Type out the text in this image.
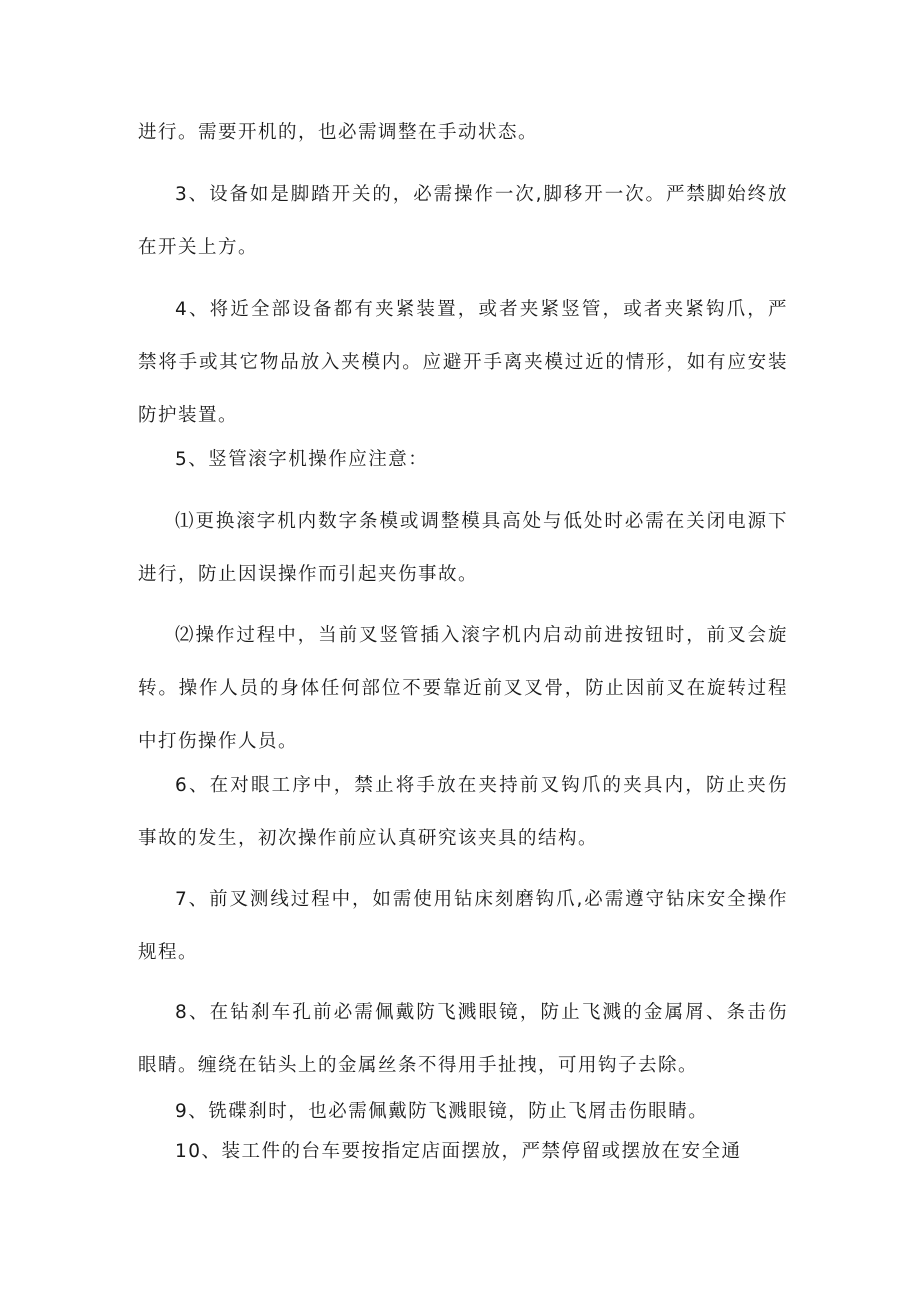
进行。需要开机的，也必需调整在手动状态。

3、设备如是脚踏开关的，必需操作一次,脚移开一次。严禁脚始终放在开关上方。

4、将近全部设备都有夹紧装置，或者夹紧竖管，或者夹紧钩爪，严禁将手或其它物品放入夹模内。应避开手离夹模过近的情形，如有应安装防护装置。

5、竖管滚字机操作应注意：

⑴更换滚字机内数字条模或调整模具高处与低处时必需在关闭电源下进行，防止因误操作而引起夹伤事故。

⑵操作过程中，当前叉竖管插入滚字机内启动前进按钮时，前叉会旋转。操作人员的身体任何部位不要靠近前叉叉骨，防止因前叉在旋转过程中打伤操作人员。

6、在对眼工序中，禁止将手放在夹持前叉钩爪的夹具内，防止夹伤事故的发生，初次操作前应认真研究该夹具的结构。

7、前叉测线过程中，如需使用钻床刻磨钩爪,必需遵守钻床安全操作规程。

8、在钻刹车孔前必需佩戴防飞溅眼镜，防止飞溅的金属屑、条击伤眼睛。缠绕在钻头上的金属丝条不得用手扯拽，可用钩子去除。

9、铣碟刹时，也必需佩戴防飞溅眼镜，防止飞屑击伤眼睛。

10、装工件的台车要按指定店面摆放，严禁停留或摆放在安全通
